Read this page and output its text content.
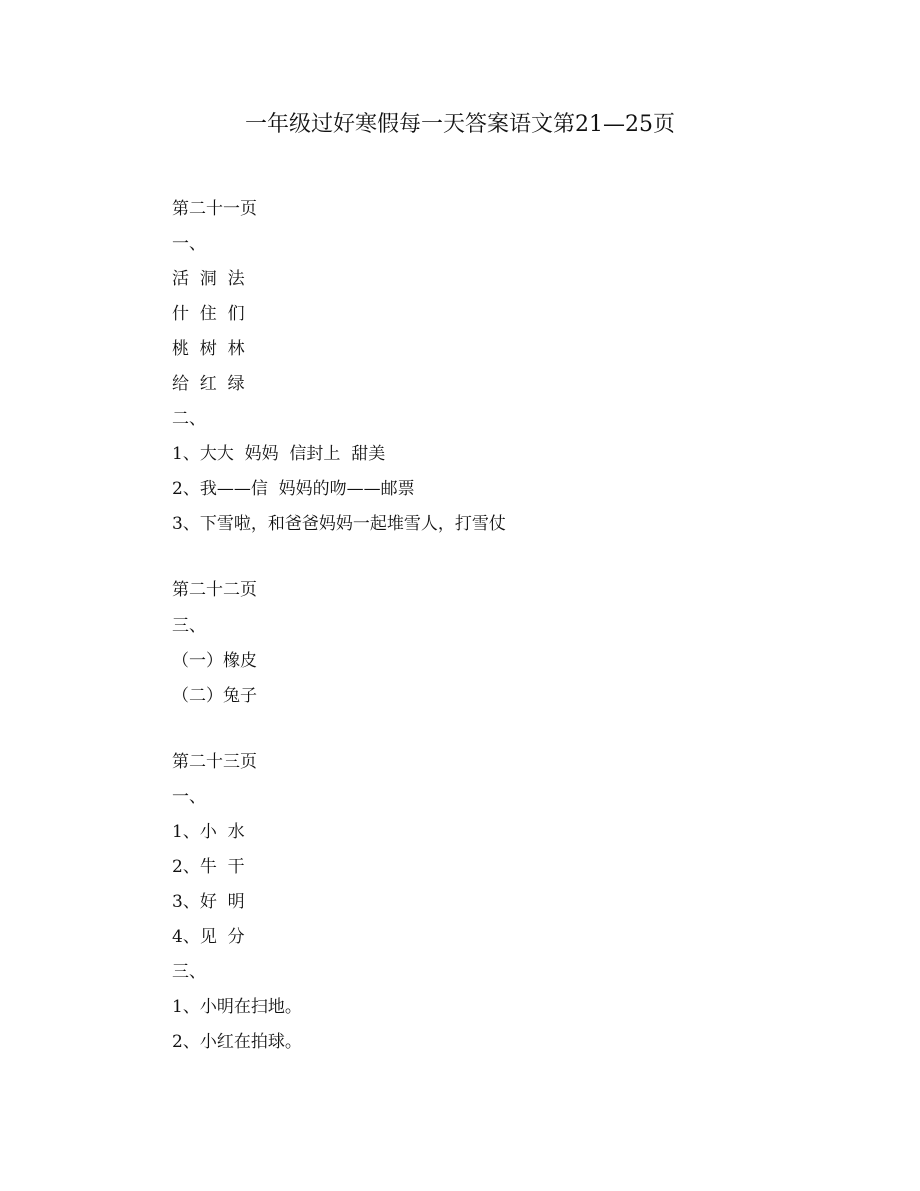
一年级过好寒假每一天答案语文第21—25页
第二十一页
一、
活  洞  法
什  住  们
桃  树  林
给  红  绿
二、
1、大大  妈妈  信封上  甜美
2、我——信  妈妈的吻——邮票
3、下雪啦，和爸爸妈妈一起堆雪人，打雪仗
第二十二页
三、
（一）橡皮
（二）兔子
第二十三页
一、
1、小  水
2、牛  干
3、好  明
4、见  分
三、
1、小明在扫地。
2、小红在拍球。
